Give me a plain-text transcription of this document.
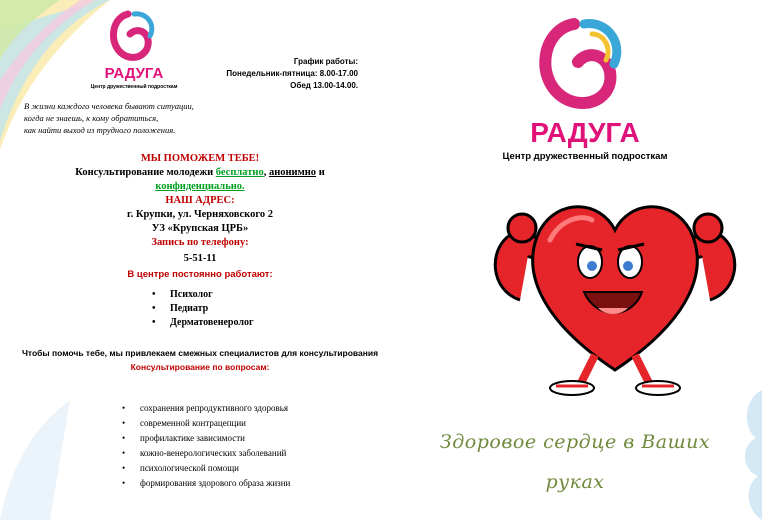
РАДУГА
Центр дружественный подросткам
График работы:
Понедельник-пятница: 8.00-17.00
Обед 13.00-14.00.
В жизни каждого человека бывают ситуации,
когда не знаешь, к кому обратиться,
как найти выход из трудного положения.
МЫ ПОМОЖЕМ ТЕБЕ!
Консультирование молодежи бесплатно, анонимно и
конфиденциально.
НАШ АДРЕС:
г. Крупки, ул. Черняховского 2
УЗ «Крупская ЦРБ»
Запись по телефону:
5-51-11
В центре постоянно работают:
• Психолог
• Педиатр
• Дерматовенеролог
Чтобы помочь тебе, мы привлекаем смежных специалистов для консультирования
Консультирование по вопросам:
• сохранения репродуктивного здоровья
• современной контрацепции
• профилактике зависимости
• кожно-венерологических заболеваний
• психологической помощи
• формирования здорового образа жизни
РАДУГА
Центр дружественный подросткам
Здоровое сердце в Ваших
руках
